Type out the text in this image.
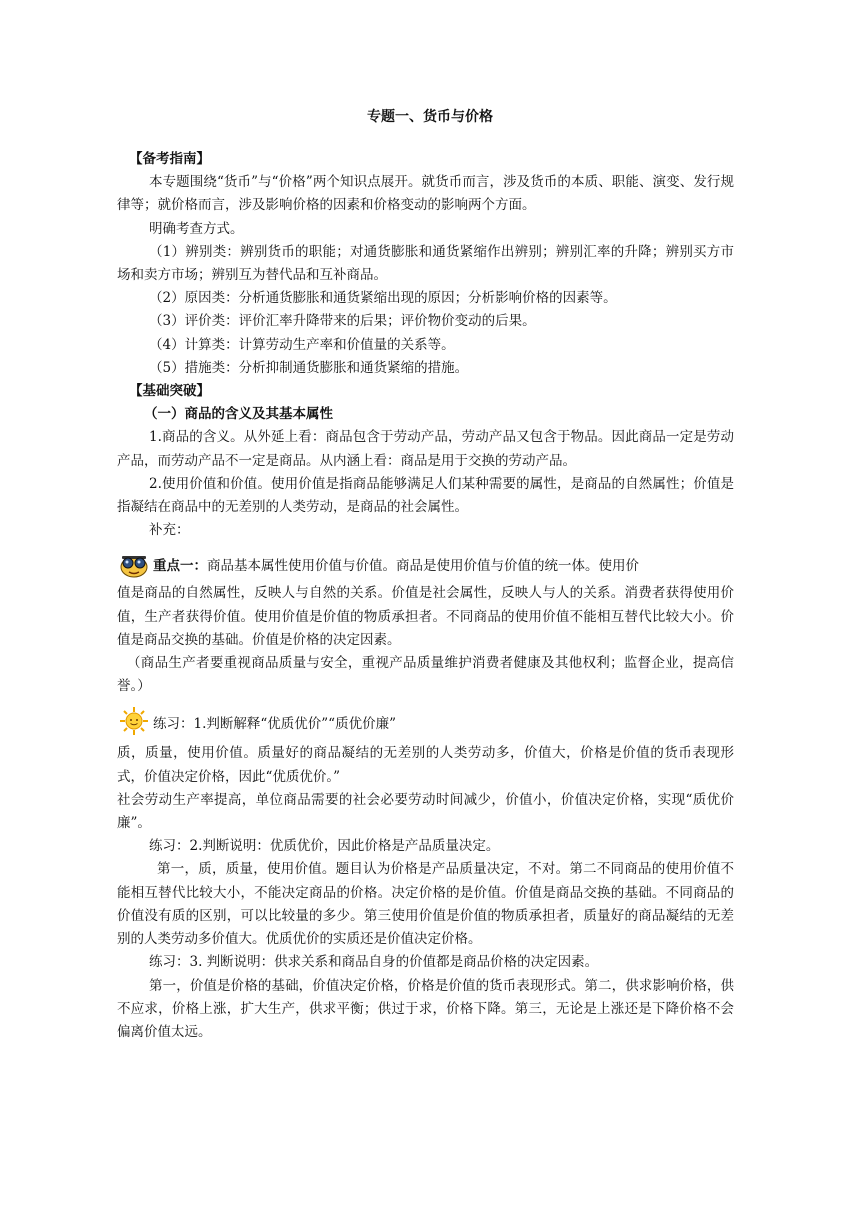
专题一、货币与价格

【备考指南】

本专题围绕“货币”与“价格”两个知识点展开。就货币而言，涉及货币的本质、职能、演变、发行规律等；就价格而言，涉及影响价格的因素和价格变动的影响两个方面。

明确考查方式。

（1）辨别类：辨别货币的职能；对通货膨胀和通货紧缩作出辨别；辨别汇率的升降；辨别买方市场和卖方市场；辨别互为替代品和互补商品。

（2）原因类：分析通货膨胀和通货紧缩出现的原因；分析影响价格的因素等。

（3）评价类：评价汇率升降带来的后果；评价物价变动的后果。

（4）计算类：计算劳动生产率和价值量的关系等。

（5）措施类：分析抑制通货膨胀和通货紧缩的措施。

【基础突破】

（一）商品的含义及其基本属性

1.商品的含义。从外延上看：商品包含于劳动产品，劳动产品又包含于物品。因此商品一定是劳动产品，而劳动产品不一定是商品。从内涵上看：商品是用于交换的劳动产品。

2.使用价值和价值。使用价值是指商品能够满足人们某种需要的属性，是商品的自然属性；价值是指凝结在商品中的无差别的人类劳动，是商品的社会属性。

补充：

重点一：商品基本属性使用价值与价值。商品是使用价值与价值的统一体。使用价

值是商品的自然属性，反映人与自然的关系。价值是社会属性，反映人与人的关系。消费者获得使用价值，生产者获得价值。使用价值是价值的物质承担者。不同商品的使用价值不能相互替代比较大小。价值是商品交换的基础。价值是价格的决定因素。

（商品生产者要重视商品质量与安全，重视产品质量维护消费者健康及其他权利；监督企业，提高信誉。）

练习：1.判断解释“优质优价”“质优价廉”

质，质量，使用价值。质量好的商品凝结的无差别的人类劳动多，价值大，价格是价值的货币表现形式，价值决定价格，因此“优质优价。”

社会劳动生产率提高，单位商品需要的社会必要劳动时间减少，价值小，价值决定价格，实现“质优价廉”。

练习：2.判断说明：优质优价，因此价格是产品质量决定。

第一，质，质量，使用价值。题目认为价格是产品质量决定，不对。第二不同商品的使用价值不能相互替代比较大小，不能决定商品的价格。决定价格的是价值。价值是商品交换的基础。不同商品的价值没有质的区别，可以比较量的多少。第三使用价值是价值的物质承担者，质量好的商品凝结的无差别的人类劳动多价值大。优质优价的实质还是价值决定价格。

练习：3. 判断说明：供求关系和商品自身的价值都是商品价格的决定因素。

第一，价值是价格的基础，价值决定价格，价格是价值的货币表现形式。第二，供求影响价格，供不应求，价格上涨，扩大生产，供求平衡；供过于求，价格下降。第三，无论是上涨还是下降价格不会偏离价值太远。
